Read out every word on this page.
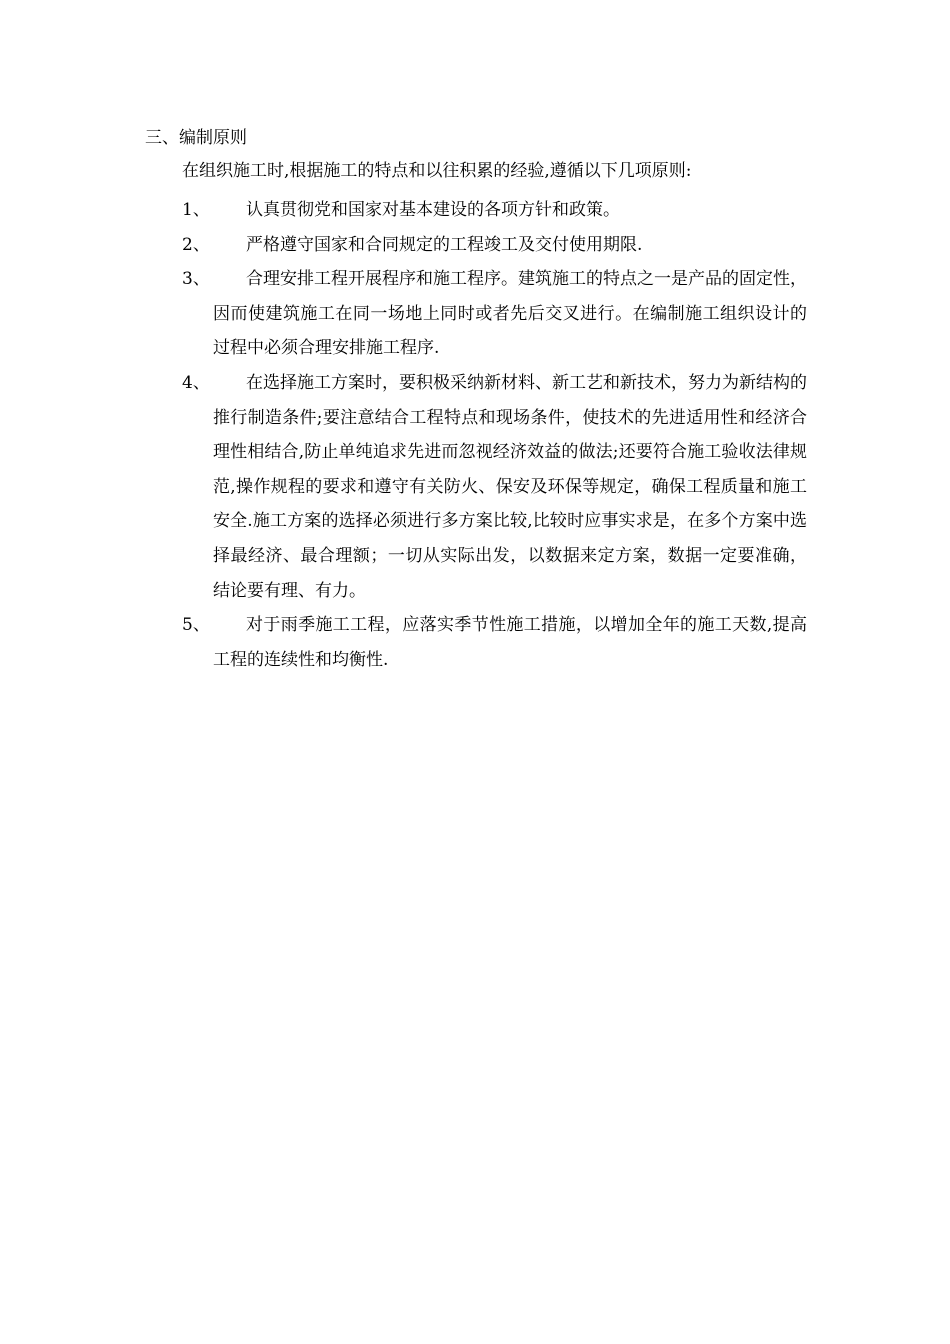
三、编制原则
在组织施工时,根据施工的特点和以往积累的经验,遵循以下几项原则:
1、	认真贯彻党和国家对基本建设的各项方针和政策。
2、	严格遵守国家和合同规定的工程竣工及交付使用期限.
3、	合理安排工程开展程序和施工程序。建筑施工的特点之一是产品的固定性，因而使建筑施工在同一场地上同时或者先后交叉进行。在编制施工组织设计的过程中必须合理安排施工程序.
4、	在选择施工方案时，要积极采纳新材料、新工艺和新技术，努力为新结构的推行制造条件;要注意结合工程特点和现场条件，使技术的先进适用性和经济合理性相结合,防止单纯追求先进而忽视经济效益的做法;还要符合施工验收法律规范,操作规程的要求和遵守有关防火、保安及环保等规定，确保工程质量和施工安全.施工方案的选择必须进行多方案比较,比较时应事实求是，在多个方案中选择最经济、最合理额；一切从实际出发，以数据来定方案，数据一定要准确，结论要有理、有力。
5、	对于雨季施工工程，应落实季节性施工措施，以增加全年的施工天数,提高工程的连续性和均衡性.
